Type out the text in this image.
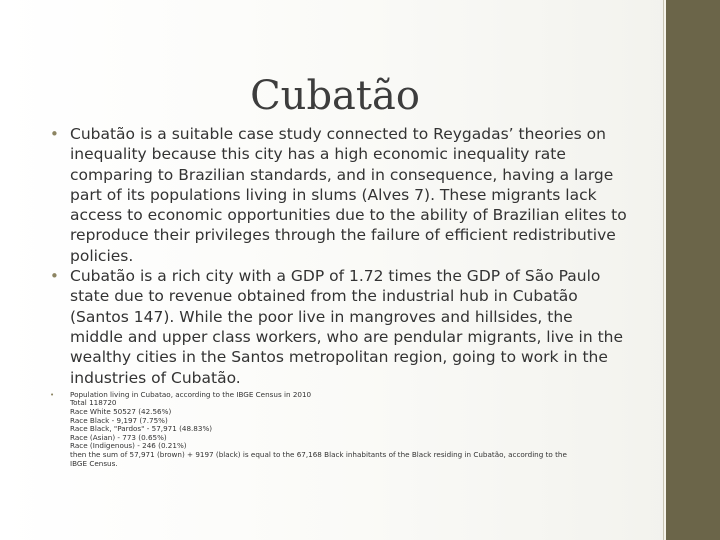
Cubatão
• Cubatão is a suitable case study connected to Reygadas’ theories on inequality because this city has a high economic inequality rate comparing to Brazilian standards, and in consequence, having a large part of its populations living in slums (Alves 7). These migrants lack access to economic opportunities due to the ability of Brazilian elites to reproduce their privileges through the failure of efficient redistributive policies.
• Cubatão is a rich city with a GDP of 1.72 times the GDP of São Paulo state due to revenue obtained from the industrial hub in Cubatão (Santos 147). While the poor live in mangroves and hillsides, the middle and upper class workers, who are pendular migrants, live in the wealthy cities in the Santos metropolitan region, going to work in the industries of Cubatão.
• Population living in Cubatao, according to the IBGE Census in 2010
Total 118720
Race White 50527 (42.56%)
Race Black - 9,197 (7.75%)
Race Black, "Pardos" - 57,971 (48.83%)
Race (Asian) - 773 (0.65%)
Race (Indigenous) - 246 (0.21%)
then the sum of 57,971 (brown) + 9197 (black) is equal to the 67,168 Black inhabitants of the Black residing in Cubatão, according to the
IBGE Census.
